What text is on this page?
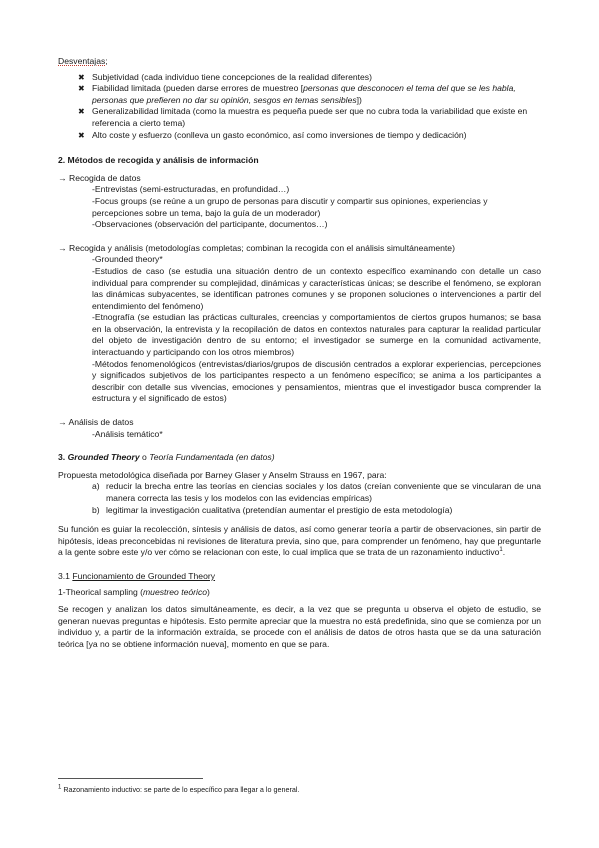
Desventajas;
✖ Subjetividad (cada individuo tiene concepciones de la realidad diferentes)
✖ Fiabilidad limitada (pueden darse errores de muestreo [personas que desconocen el tema del que se les habla, personas que prefieren no dar su opinión, sesgos en temas sensibles])
✖ Generalizabilidad limitada (como la muestra es pequeña puede ser que no cubra toda la variabilidad que existe en referencia a cierto tema)
✖ Alto coste y esfuerzo (conlleva un gasto económico, así como inversiones de tiempo y dedicación)
2. Métodos de recogida y análisis de información
→ Recogida de datos
-Entrevistas (semi-estructuradas, en profundidad…)
-Focus groups (se reúne a un grupo de personas para discutir y compartir sus opiniones, experiencias y percepciones sobre un tema, bajo la guía de un moderador)
-Observaciones (observación del participante, documentos…)
→ Recogida y análisis (metodologías completas; combinan la recogida con el análisis simultáneamente)
-Grounded theory*
-Estudios de caso (se estudia una situación dentro de un contexto específico examinando con detalle un caso individual para comprender su complejidad, dinámicas y características únicas; se describe el fenómeno, se exploran las dinámicas subyacentes, se identifican patrones comunes y se proponen soluciones o intervenciones a partir del entendimiento del fenómeno)
-Etnografía (se estudian las prácticas culturales, creencias y comportamientos de ciertos grupos humanos; se basa en la observación, la entrevista y la recopilación de datos en contextos naturales para capturar la realidad particular del objeto de investigación dentro de su entorno; el investigador se sumerge en la comunidad activamente, interactuando y participando con los otros miembros)
-Métodos fenomenológicos (entrevistas/diarios/grupos de discusión centrados a explorar experiencias, percepciones y significados subjetivos de los participantes respecto a un fenómeno específico; se anima a los participantes a describir con detalle sus vivencias, emociones y pensamientos, mientras que el investigador busca comprender la estructura y el significado de estos)
→ Análisis de datos
-Análisis temático*
3. Grounded Theory o Teoría Fundamentada (en datos)
Propuesta metodológica diseñada por Barney Glaser y Anselm Strauss en 1967, para:
a) reducir la brecha entre las teorías en ciencias sociales y los datos (creían conveniente que se vincularan de una manera correcta las tesis y los modelos con las evidencias empíricas)
b) legitimar la investigación cualitativa (pretendían aumentar el prestigio de esta metodología)
Su función es guiar la recolección, síntesis y análisis de datos, así como generar teoría a partir de observaciones, sin partir de hipótesis, ideas preconcebidas ni revisiones de literatura previa, sino que, para comprender un fenómeno, hay que preguntarle a la gente sobre este y/o ver cómo se relacionan con este, lo cual implica que se trata de un razonamiento inductivo$^1$.
3.1 Funcionamiento de Grounded Theory
1-Theorical sampling (muestreo teórico)
Se recogen y analizan los datos simultáneamente, es decir, a la vez que se pregunta u observa el objeto de estudio, se generan nuevas preguntas e hipótesis. Esto permite apreciar que la muestra no está predefinida, sino que se comienza por un individuo y, a partir de la información extraída, se procede con el análisis de datos de otros hasta que se da una saturación teórica [ya no se obtiene información nueva], momento en que se para.
$^1$ Razonamiento inductivo: se parte de lo específico para llegar a lo general.
